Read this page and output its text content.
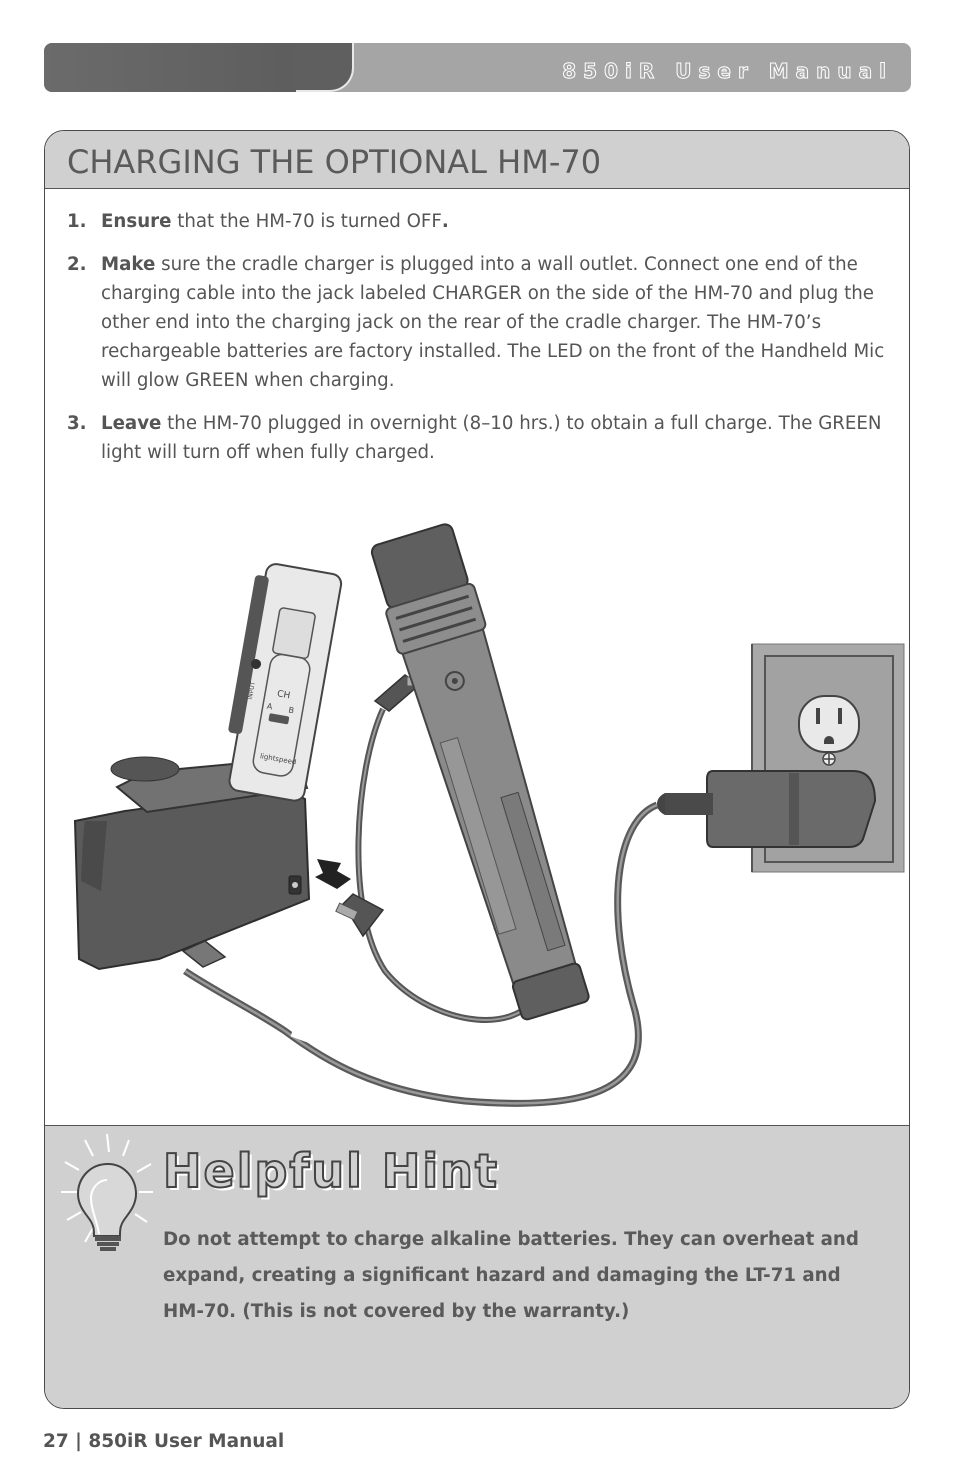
850iR User Manual
CHARGING THE OPTIONAL HM-70
1. Ensure that the HM-70 is turned OFF.
2. Make sure the cradle charger is plugged into a wall outlet. Connect one end of the charging cable into the jack labeled CHARGER on the side of the HM-70 and plug the other end into the charging jack on the rear of the cradle charger. The HM-70’s rechargeable batteries are factory installed. The LED on the front of the Handheld Mic will glow GREEN when charging.
3. Leave the HM-70 plugged in overnight (8–10 hrs.) to obtain a full charge. The GREEN light will turn off when fully charged.
CH
A B
lightspeed
INPUT
Helpful Hint
Do not attempt to charge alkaline batteries. They can overheat and expand, creating a significant hazard and damaging the LT-71 and HM-70. (This is not covered by the warranty.)
27 | 850iR User Manual
